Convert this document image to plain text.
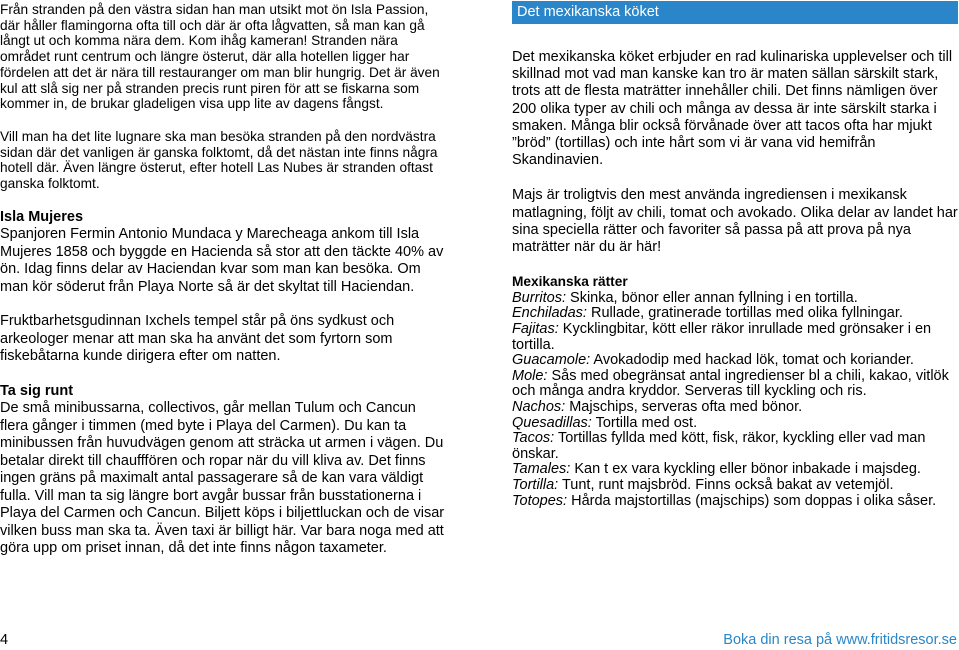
Från stranden på den västra sidan han man utsikt mot ön Isla Passion, där håller flamingorna ofta till och där är ofta lågvatten, så man kan gå långt ut och komma nära dem. Kom ihåg kameran! Stranden nära området runt centrum och längre österut, där alla hotellen ligger har fördelen att det är nära till restauranger om man blir hungrig. Det är även kul att slå sig ner på stranden precis runt piren för att se fiskarna som kommer in, de brukar gladeligen visa upp lite av dagens fångst.

Vill man ha det lite lugnare ska man besöka stranden på den nordvästra sidan där det vanligen är ganska folktomt, då det nästan inte finns några hotell där. Även längre österut, efter hotell Las Nubes är stranden oftast ganska folktomt.

Isla Mujeres

Spanjoren Fermin Antonio Mundaca y Marecheaga ankom till Isla Mujeres 1858 och byggde en Hacienda så stor att den täckte 40% av ön. Idag finns delar av Haciendan kvar som man kan besöka. Om man kör söderut från Playa Norte så är det skyltat till Haciendan.

Fruktbarhetsgudinnan Ixchels tempel står på öns sydkust och arkeologer menar att man ska ha använt det som fyrtorn som fiskebåtarna kunde dirigera efter om natten.

Ta sig runt

De små minibussarna, collectivos, går mellan Tulum och Cancun flera gånger i timmen (med byte i Playa del Carmen). Du kan ta minibussen från huvudvägen genom att sträcka ut armen i vägen. Du betalar direkt till chaufffören och ropar när du vill kliva av. Det finns ingen gräns på maximalt antal passagerare så de kan vara väldigt fulla. Vill man ta sig längre bort avgår bussar från busstationerna i Playa del Carmen och Cancun. Biljett köps i biljettluckan och de visar vilken buss man ska ta. Även taxi är billigt här. Var bara noga med att göra upp om priset innan, då det inte finns någon taxameter.

Det mexikanska köket

Det mexikanska köket erbjuder en rad kulinariska upplevelser och till skillnad mot vad man kanske kan tro är maten sällan särskilt stark, trots att de flesta maträtter innehåller chili. Det finns nämligen över 200 olika typer av chili och många av dessa är inte särskilt starka i smaken. Många blir också förvånade över att tacos ofta har mjukt ”bröd” (tortillas) och inte hårt som vi är vana vid hemifrån Skandinavien.

Majs är troligtvis den mest använda ingrediensen i mexikansk matlagning, följt av chili, tomat och avokado. Olika delar av landet har sina speciella rätter och favoriter så passa på att prova på nya maträtter när du är här!

Mexikanska rätter
Burritos: Skinka, bönor eller annan fyllning i en tortilla.
Enchiladas: Rullade, gratinerade tortillas med olika fyllningar.
Fajitas: Kycklingbitar, kött eller räkor inrullade med grönsaker i en tortilla.
Guacamole: Avokadodip med hackad lök, tomat och koriander.
Mole: Sås med obegränsat antal ingredienser bl a chili, kakao, vitlök och många andra kryddor. Serveras till kyckling och ris.
Nachos: Majschips, serveras ofta med bönor.
Quesadillas: Tortilla med ost.
Tacos: Tortillas fyllda med kött, fisk, räkor, kyckling eller vad man önskar.
Tamales: Kan t ex vara kyckling eller bönor inbakade i majsdeg.
Tortilla: Tunt, runt majsbröd. Finns också bakat av vetemjöl.
Totopes: Hårda majstortillas (majschips) som doppas i olika såser.
4	Boka din resa på www.fritidsresor.se
